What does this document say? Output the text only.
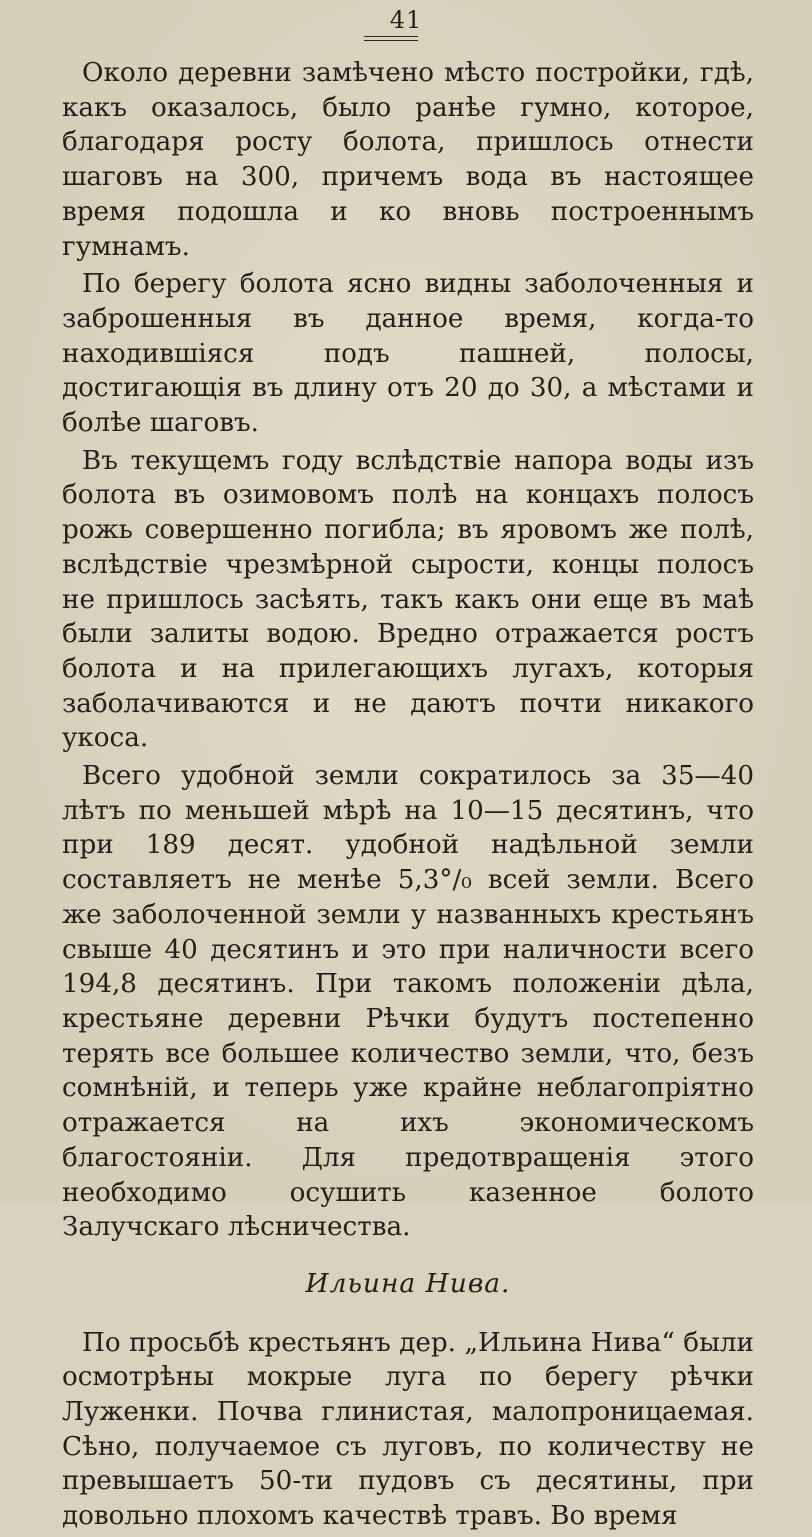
41

Около деревни замѣчено мѣсто постройки, гдѣ, какъ оказалось, было ранѣе гумно, которое, благодаря росту болота, пришлось отнести шаговъ на 300, причемъ вода въ настоящее время подошла и ко вновь построеннымъ гумнамъ.

По берегу болота ясно видны заболоченныя и заброшенныя въ данное время, когда-то находившіяся подъ пашней, полосы, достигающія въ длину отъ 20 до 30, а мѣстами и болѣе шаговъ.

Въ текущемъ году вслѣдствіе напора воды изъ болота въ озимовомъ полѣ на концахъ полосъ рожь совершенно погибла; въ яровомъ же полѣ, вслѣдствіе чрезмѣрной сырости, концы полосъ не пришлось засѣять, такъ какъ они еще въ маѣ были залиты водою. Вредно отражается ростъ болота и на прилегающихъ лугахъ, которыя заболачиваются и не даютъ почти никакого укоса.

Всего удобной земли сократилось за 35—40 лѣтъ по меньшей мѣрѣ на 10—15 десятинъ, что при 189 десят. удобной надѣльной земли составляетъ не менѣе 5,3°/₀ всей земли. Всего же заболоченной земли у названныхъ крестьянъ свыше 40 десятинъ и это при наличности всего 194,8 десятинъ. При такомъ положеніи дѣла, крестьяне деревни Рѣчки будутъ постепенно терять все большее количество земли, что, безъ сомнѣній, и теперь уже крайне неблагопріятно отражается на ихъ экономическомъ благостояніи. Для предотвращенія этого необходимо осушить казенное болото Залучскаго лѣсничества.

Ильина Нива.

По просьбѣ крестьянъ дер. „Ильина Нива“ были осмотрѣны мокрые луга по берегу рѣчки Луженки. Почва глинистая, малопроницаемая. Сѣно, получаемое съ луговъ, по количеству не превышаетъ 50-ти пудовъ съ десятины, при довольно плохомъ качествѣ травъ. Во время
